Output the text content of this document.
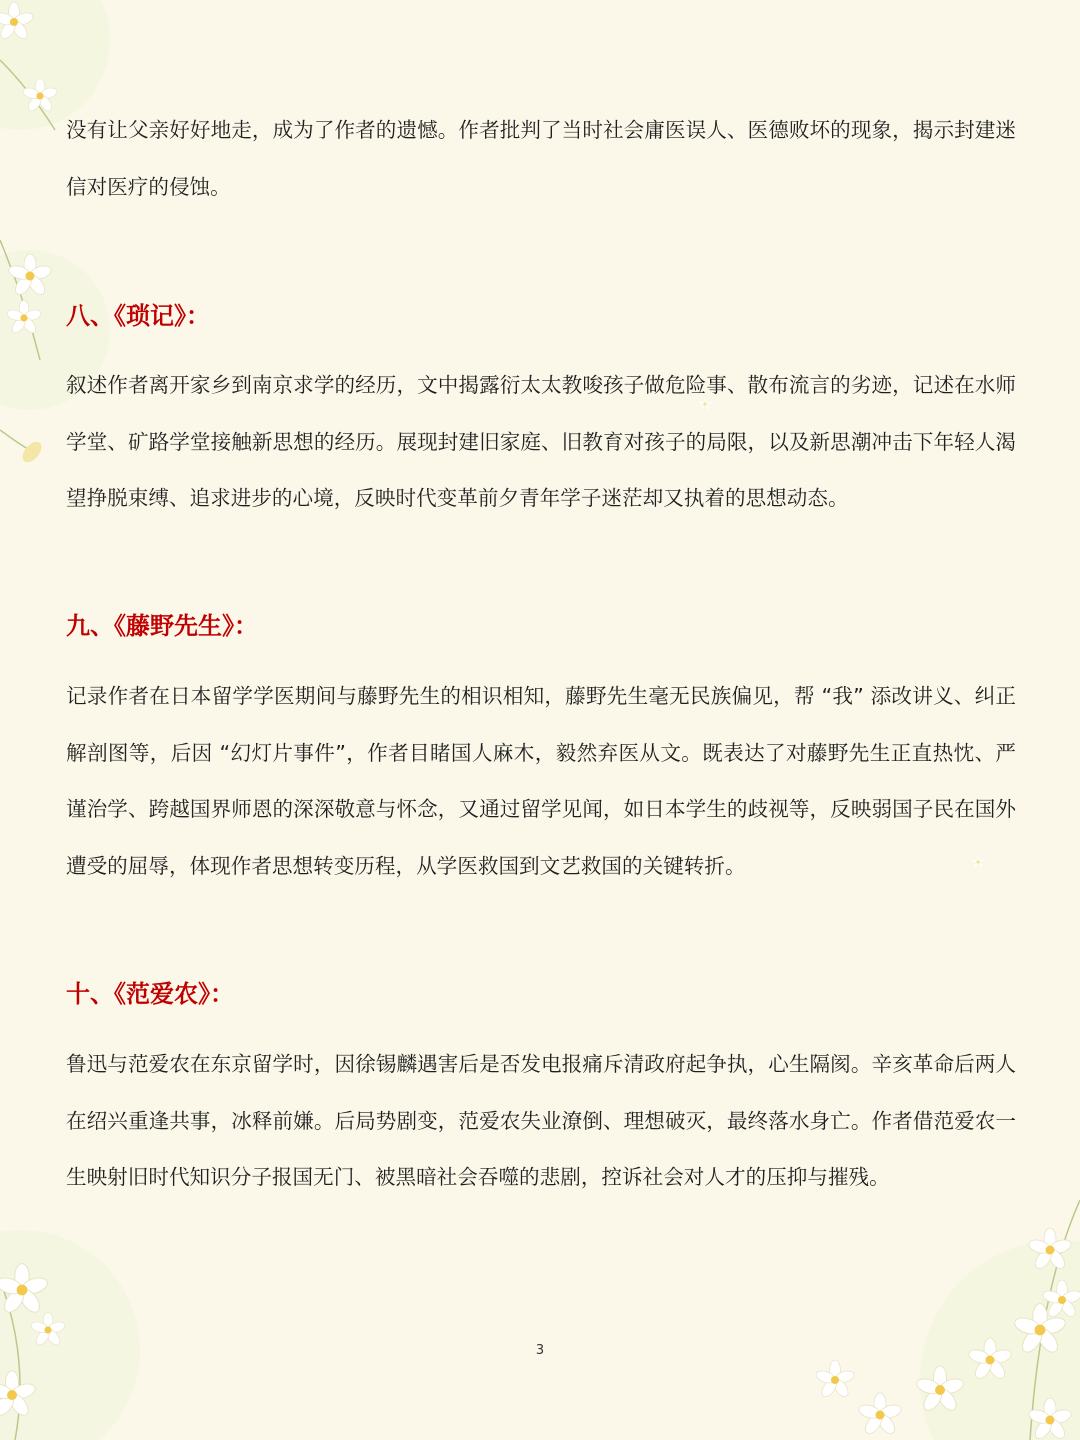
没有让父亲好好地走，成为了作者的遗憾。作者批判了当时社会庸医误人、医德败坏的现象，揭示封建迷信对医疗的侵蚀。

八、《琐记》：

叙述作者离开家乡到南京求学的经历，文中揭露衍太太教唆孩子做危险事、散布流言的劣迹，记述在水师学堂、矿路学堂接触新思想的经历。展现封建旧家庭、旧教育对孩子的局限，以及新思潮冲击下年轻人渴望挣脱束缚、追求进步的心境，反映时代变革前夕青年学子迷茫却又执着的思想动态。

九、《藤野先生》：

记录作者在日本留学学医期间与藤野先生的相识相知，藤野先生毫无民族偏见，帮 “我” 添改讲义、纠正解剖图等，后因 “幻灯片事件”，作者目睹国人麻木，毅然弃医从文。既表达了对藤野先生正直热忱、严谨治学、跨越国界师恩的深深敬意与怀念，又通过留学见闻，如日本学生的歧视等，反映弱国子民在国外遭受的屈辱，体现作者思想转变历程，从学医救国到文艺救国的关键转折。

十、《范爱农》：

鲁迅与范爱农在东京留学时，因徐锡麟遇害后是否发电报痛斥清政府起争执，心生隔阂。辛亥革命后两人在绍兴重逢共事，冰释前嫌。后局势剧变，范爱农失业潦倒、理想破灭，最终落水身亡。作者借范爱农一生映射旧时代知识分子报国无门、被黑暗社会吞噬的悲剧，控诉社会对人才的压抑与摧残。

3
